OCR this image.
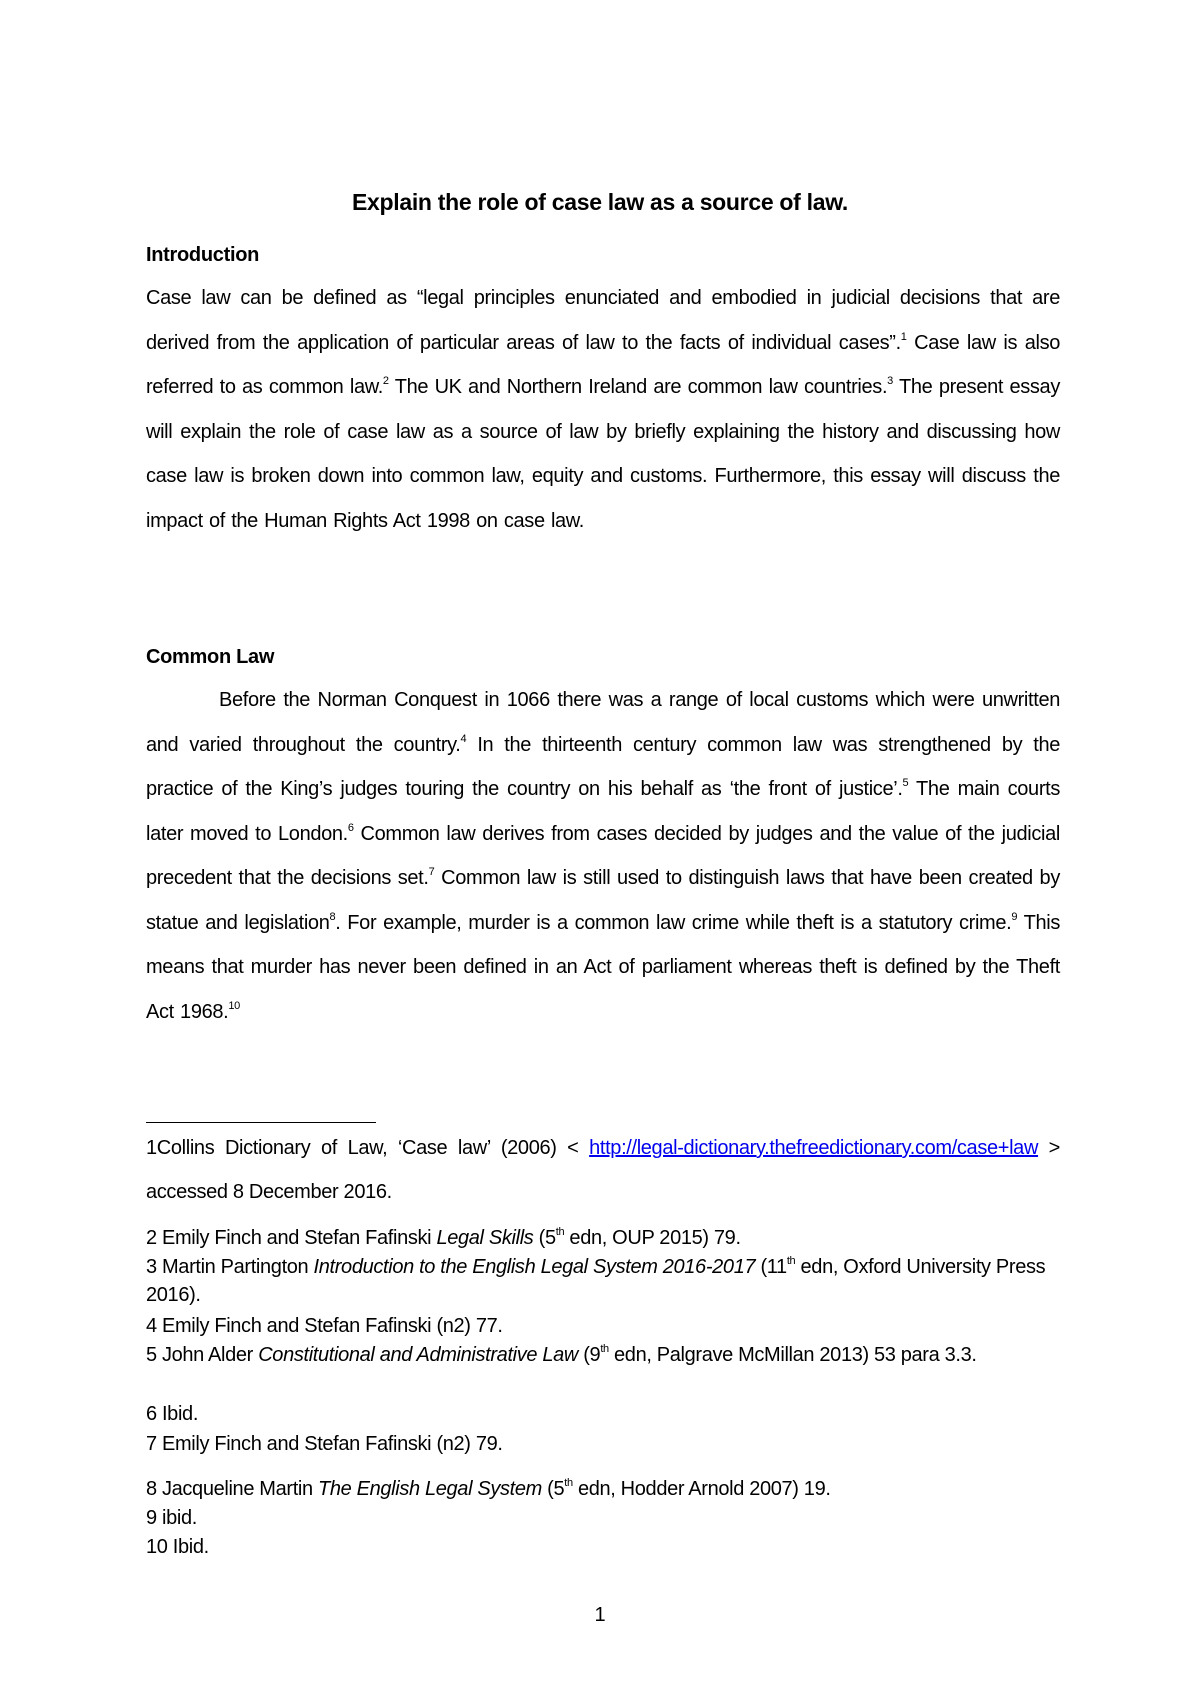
Explain the role of case law as a source of law.
Introduction
Case law can be defined as “legal principles enunciated and embodied in judicial decisions that are derived from the application of particular areas of law to the facts of individual cases”.$^1$ Case law is also referred to as common law.$^2$ The UK and Northern Ireland are common law countries.$^3$ The present essay will explain the role of case law as a source of law by briefly explaining the history and discussing how case law is broken down into common law, equity and customs. Furthermore, this essay will discuss the impact of the Human Rights Act 1998 on case law.
Common Law
Before the Norman Conquest in 1066 there was a range of local customs which were unwritten and varied throughout the country.$^4$ In the thirteenth century common law was strengthened by the practice of the King’s judges touring the country on his behalf as ‘the front of justice’.$^5$ The main courts later moved to London.$^6$ Common law derives from cases decided by judges and the value of the judicial precedent that the decisions set.$^7$ Common law is still used to distinguish laws that have been created by statue and legislation$^8$. For example, murder is a common law crime while theft is a statutory crime.$^9$ This means that murder has never been defined in an Act of parliament whereas theft is defined by the Theft Act 1968.10
1Collins Dictionary of Law, ‘Case law’ (2006) < http://legal-dictionary.thefreedictionary.com/case+law > accessed 8 December 2016.
2 Emily Finch and Stefan Fafinski Legal Skills (5th edn, OUP 2015) 79.
3 Martin Partington Introduction to the English Legal System 2016-2017 (11th edn, Oxford University Press 2016).
4 Emily Finch and Stefan Fafinski (n2) 77.
5 John Alder Constitutional and Administrative Law (9th edn, Palgrave McMillan 2013) 53 para 3.3.
6 Ibid.
7 Emily Finch and Stefan Fafinski (n2) 79.
8 Jacqueline Martin The English Legal System (5th edn, Hodder Arnold 2007) 19.
9 ibid.
10 Ibid.
1
